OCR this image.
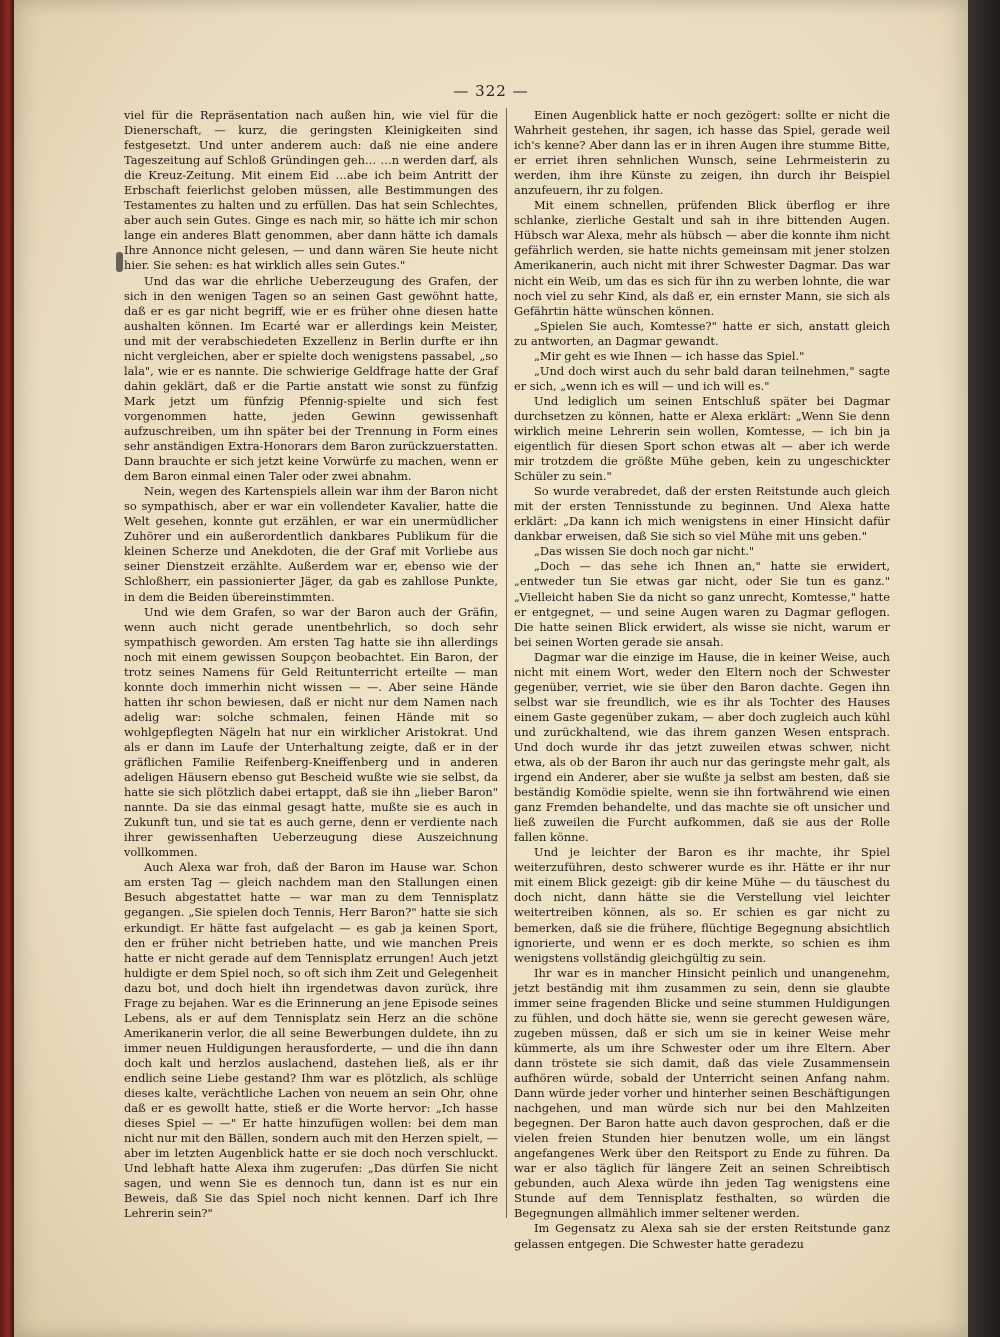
— 322 —

viel für die Repräsentation nach außen hin, wie viel für die Dienerschaft, — kurz, die geringsten Kleinigkeiten sind festgesetzt. Und unter anderem auch: daß nie eine andere Tageszeitung auf Schloß Gründingen geh… …n werden darf, als die Kreuz-Zeitung. Mit einem Eid …abe ich beim Antritt der Erbschaft feierlichst geloben müssen, alle Bestimmungen des Testamentes zu halten und zu erfüllen. Das hat sein Schlechtes, aber auch sein Gutes. Ginge es nach mir, so hätte ich mir schon lange ein anderes Blatt genommen, aber dann hätte ich damals Ihre Annonce nicht gelesen, — und dann wären Sie heute nicht hier. Sie sehen: es hat wirklich alles sein Gutes."

Und das war die ehrliche Ueberzeugung des Grafen, der sich in den wenigen Tagen so an seinen Gast gewöhnt hatte, daß er es gar nicht begriff, wie er es früher ohne diesen hatte aushalten können. Im Ecarté war er allerdings kein Meister, und mit der verabschiedeten Exzellenz in Berlin durfte er ihn nicht vergleichen, aber er spielte doch wenigstens passabel, „so lala", wie er es nannte. Die schwierige Geldfrage hatte der Graf dahin geklärt, daß er die Partie anstatt wie sonst zu fünfzig Mark jetzt um fünfzig Pfennig-spielte und sich fest vorgenommen hatte, jeden Gewinn gewissenhaft aufzuschreiben, um ihn später bei der Trennung in Form eines sehr anständigen Extra-Honorars dem Baron zurückzuerstatten. Dann brauchte er sich jetzt keine Vorwürfe zu machen, wenn er dem Baron einmal einen Taler oder zwei abnahm.

Nein, wegen des Kartenspiels allein war ihm der Baron nicht so sympathisch, aber er war ein vollendeter Kavalier, hatte die Welt gesehen, konnte gut erzählen, er war ein unermüdlicher Zuhörer und ein außerordentlich dankbares Publikum für die kleinen Scherze und Anekdoten, die der Graf mit Vorliebe aus seiner Dienstzeit erzählte. Außerdem war er, ebenso wie der Schloßherr, ein passionierter Jäger, da gab es zahllose Punkte, in dem die Beiden übereinstimmten.

Und wie dem Grafen, so war der Baron auch der Gräfin, wenn auch nicht gerade unentbehrlich, so doch sehr sympathisch geworden. Am ersten Tag hatte sie ihn allerdings noch mit einem gewissen Soupçon beobachtet. Ein Baron, der trotz seines Namens für Geld Reitunterricht erteilte — man konnte doch immerhin nicht wissen — —. Aber seine Hände hatten ihr schon bewiesen, daß er nicht nur dem Namen nach adelig war: solche schmalen, feinen Hände mit so wohlgepflegten Nägeln hat nur ein wirklicher Aristokrat. Und als er dann im Laufe der Unterhaltung zeigte, daß er in der gräflichen Familie Reifenberg-Kneiffenberg und in anderen adeligen Häusern ebenso gut Bescheid wußte wie sie selbst, da hatte sie sich plötzlich dabei ertappt, daß sie ihn „lieber Baron" nannte. Da sie das einmal gesagt hatte, mußte sie es auch in Zukunft tun, und sie tat es auch gerne, denn er verdiente nach ihrer gewissenhaften Ueberzeugung diese Auszeichnung vollkommen.

Auch Alexa war froh, daß der Baron im Hause war. Schon am ersten Tag — gleich nachdem man den Stallungen einen Besuch abgestattet hatte — war man zu dem Tennisplatz gegangen. „Sie spielen doch Tennis, Herr Baron?" hatte sie sich erkundigt. Er hätte fast aufgelacht — es gab ja keinen Sport, den er früher nicht betrieben hatte, und wie manchen Preis hatte er nicht gerade auf dem Tennisplatz errungen! Auch jetzt huldigte er dem Spiel noch, so oft sich ihm Zeit und Gelegenheit dazu bot, und doch hielt ihn irgendetwas davon zurück, ihre Frage zu bejahen. War es die Erinnerung an jene Episode seines Lebens, als er auf dem Tennisplatz sein Herz an die schöne Amerikanerin verlor, die all seine Bewerbungen duldete, ihn zu immer neuen Huldigungen herausforderte, — und die ihn dann doch kalt und herzlos auslachend, dastehen ließ, als er ihr endlich seine Liebe gestand? Ihm war es plötzlich, als schlüge dieses kalte, verächtliche Lachen von neuem an sein Ohr, ohne daß er es gewollt hatte, stieß er die Worte hervor: „Ich hasse dieses Spiel — —" Er hatte hinzufügen wollen: bei dem man nicht nur mit den Bällen, sondern auch mit den Herzen spielt, — aber im letzten Augenblick hatte er sie doch noch verschluckt. Und lebhaft hatte Alexa ihm zugerufen: „Das dürfen Sie nicht sagen, und wenn Sie es dennoch tun, dann ist es nur ein Beweis, daß Sie das Spiel noch nicht kennen. Darf ich Ihre Lehrerin sein?"

Einen Augenblick hatte er noch gezögert: sollte er nicht die Wahrheit gestehen, ihr sagen, ich hasse das Spiel, gerade weil ich's kenne? Aber dann las er in ihren Augen ihre stumme Bitte, er erriet ihren sehnlichen Wunsch, seine Lehrmeisterin zu werden, ihm ihre Künste zu zeigen, ihn durch ihr Beispiel anzufeuern, ihr zu folgen.

Mit einem schnellen, prüfenden Blick überflog er ihre schlanke, zierliche Gestalt und sah in ihre bittenden Augen. Hübsch war Alexa, mehr als hübsch — aber die konnte ihm nicht gefährlich werden, sie hatte nichts gemeinsam mit jener stolzen Amerikanerin, auch nicht mit ihrer Schwester Dagmar. Das war nicht ein Weib, um das es sich für ihn zu werben lohnte, die war noch viel zu sehr Kind, als daß er, ein ernster Mann, sie sich als Gefährtin hätte wünschen können.

„Spielen Sie auch, Komtesse?" hatte er sich, anstatt gleich zu antworten, an Dagmar gewandt.

„Mir geht es wie Ihnen — ich hasse das Spiel."

„Und doch wirst auch du sehr bald daran teilnehmen," sagte er sich, „wenn ich es will — und ich will es."

Und lediglich um seinen Entschluß später bei Dagmar durchsetzen zu können, hatte er Alexa erklärt: „Wenn Sie denn wirklich meine Lehrerin sein wollen, Komtesse, — ich bin ja eigentlich für diesen Sport schon etwas alt — aber ich werde mir trotzdem die größte Mühe geben, kein zu ungeschickter Schüler zu sein."

So wurde verabredet, daß der ersten Reitstunde auch gleich mit der ersten Tennisstunde zu beginnen. Und Alexa hatte erklärt: „Da kann ich mich wenigstens in einer Hinsicht dafür dankbar erweisen, daß Sie sich so viel Mühe mit uns geben."

„Das wissen Sie doch noch gar nicht."

„Doch — das sehe ich Ihnen an," hatte sie erwidert, „entweder tun Sie etwas gar nicht, oder Sie tun es ganz." „Vielleicht haben Sie da nicht so ganz unrecht, Komtesse," hatte er entgegnet, — und seine Augen waren zu Dagmar geflogen. Die hatte seinen Blick erwidert, als wisse sie nicht, warum er bei seinen Worten gerade sie ansah.

Dagmar war die einzige im Hause, die in keiner Weise, auch nicht mit einem Wort, weder den Eltern noch der Schwester gegenüber, verriet, wie sie über den Baron dachte. Gegen ihn selbst war sie freundlich, wie es ihr als Tochter des Hauses einem Gaste gegenüber zukam, — aber doch zugleich auch kühl und zurückhaltend, wie das ihrem ganzen Wesen entsprach. Und doch wurde ihr das jetzt zuweilen etwas schwer, nicht etwa, als ob der Baron ihr auch nur das geringste mehr galt, als irgend ein Anderer, aber sie wußte ja selbst am besten, daß sie beständig Komödie spielte, wenn sie ihn fortwährend wie einen ganz Fremden behandelte, und das machte sie oft unsicher und ließ zuweilen die Furcht aufkommen, daß sie aus der Rolle fallen könne.

Und je leichter der Baron es ihr machte, ihr Spiel weiterzuführen, desto schwerer wurde es ihr. Hätte er ihr nur mit einem Blick gezeigt: gib dir keine Mühe — du täuschest du doch nicht, dann hätte sie die Verstellung viel leichter weitertreiben können, als so. Er schien es gar nicht zu bemerken, daß sie die frühere, flüchtige Begegnung absichtlich ignorierte, und wenn er es doch merkte, so schien es ihm wenigstens vollständig gleichgültig zu sein.

Ihr war es in mancher Hinsicht peinlich und unangenehm, jetzt beständig mit ihm zusammen zu sein, denn sie glaubte immer seine fragenden Blicke und seine stummen Huldigungen zu fühlen, und doch hätte sie, wenn sie gerecht gewesen wäre, zugeben müssen, daß er sich um sie in keiner Weise mehr kümmerte, als um ihre Schwester oder um ihre Eltern. Aber dann tröstete sie sich damit, daß das viele Zusammensein aufhören würde, sobald der Unterricht seinen Anfang nahm. Dann würde jeder vorher und hinterher seinen Beschäftigungen nachgehen, und man würde sich nur bei den Mahlzeiten begegnen. Der Baron hatte auch davon gesprochen, daß er die vielen freien Stunden hier benutzen wolle, um ein längst angefangenes Werk über den Reitsport zu Ende zu führen. Da war er also täglich für längere Zeit an seinen Schreibtisch gebunden, auch Alexa würde ihn jeden Tag wenigstens eine Stunde auf dem Tennisplatz festhalten, so würden die Begegnungen allmählich immer seltener werden.

Im Gegensatz zu Alexa sah sie der ersten Reitstunde ganz gelassen entgegen. Die Schwester hatte geradezu
